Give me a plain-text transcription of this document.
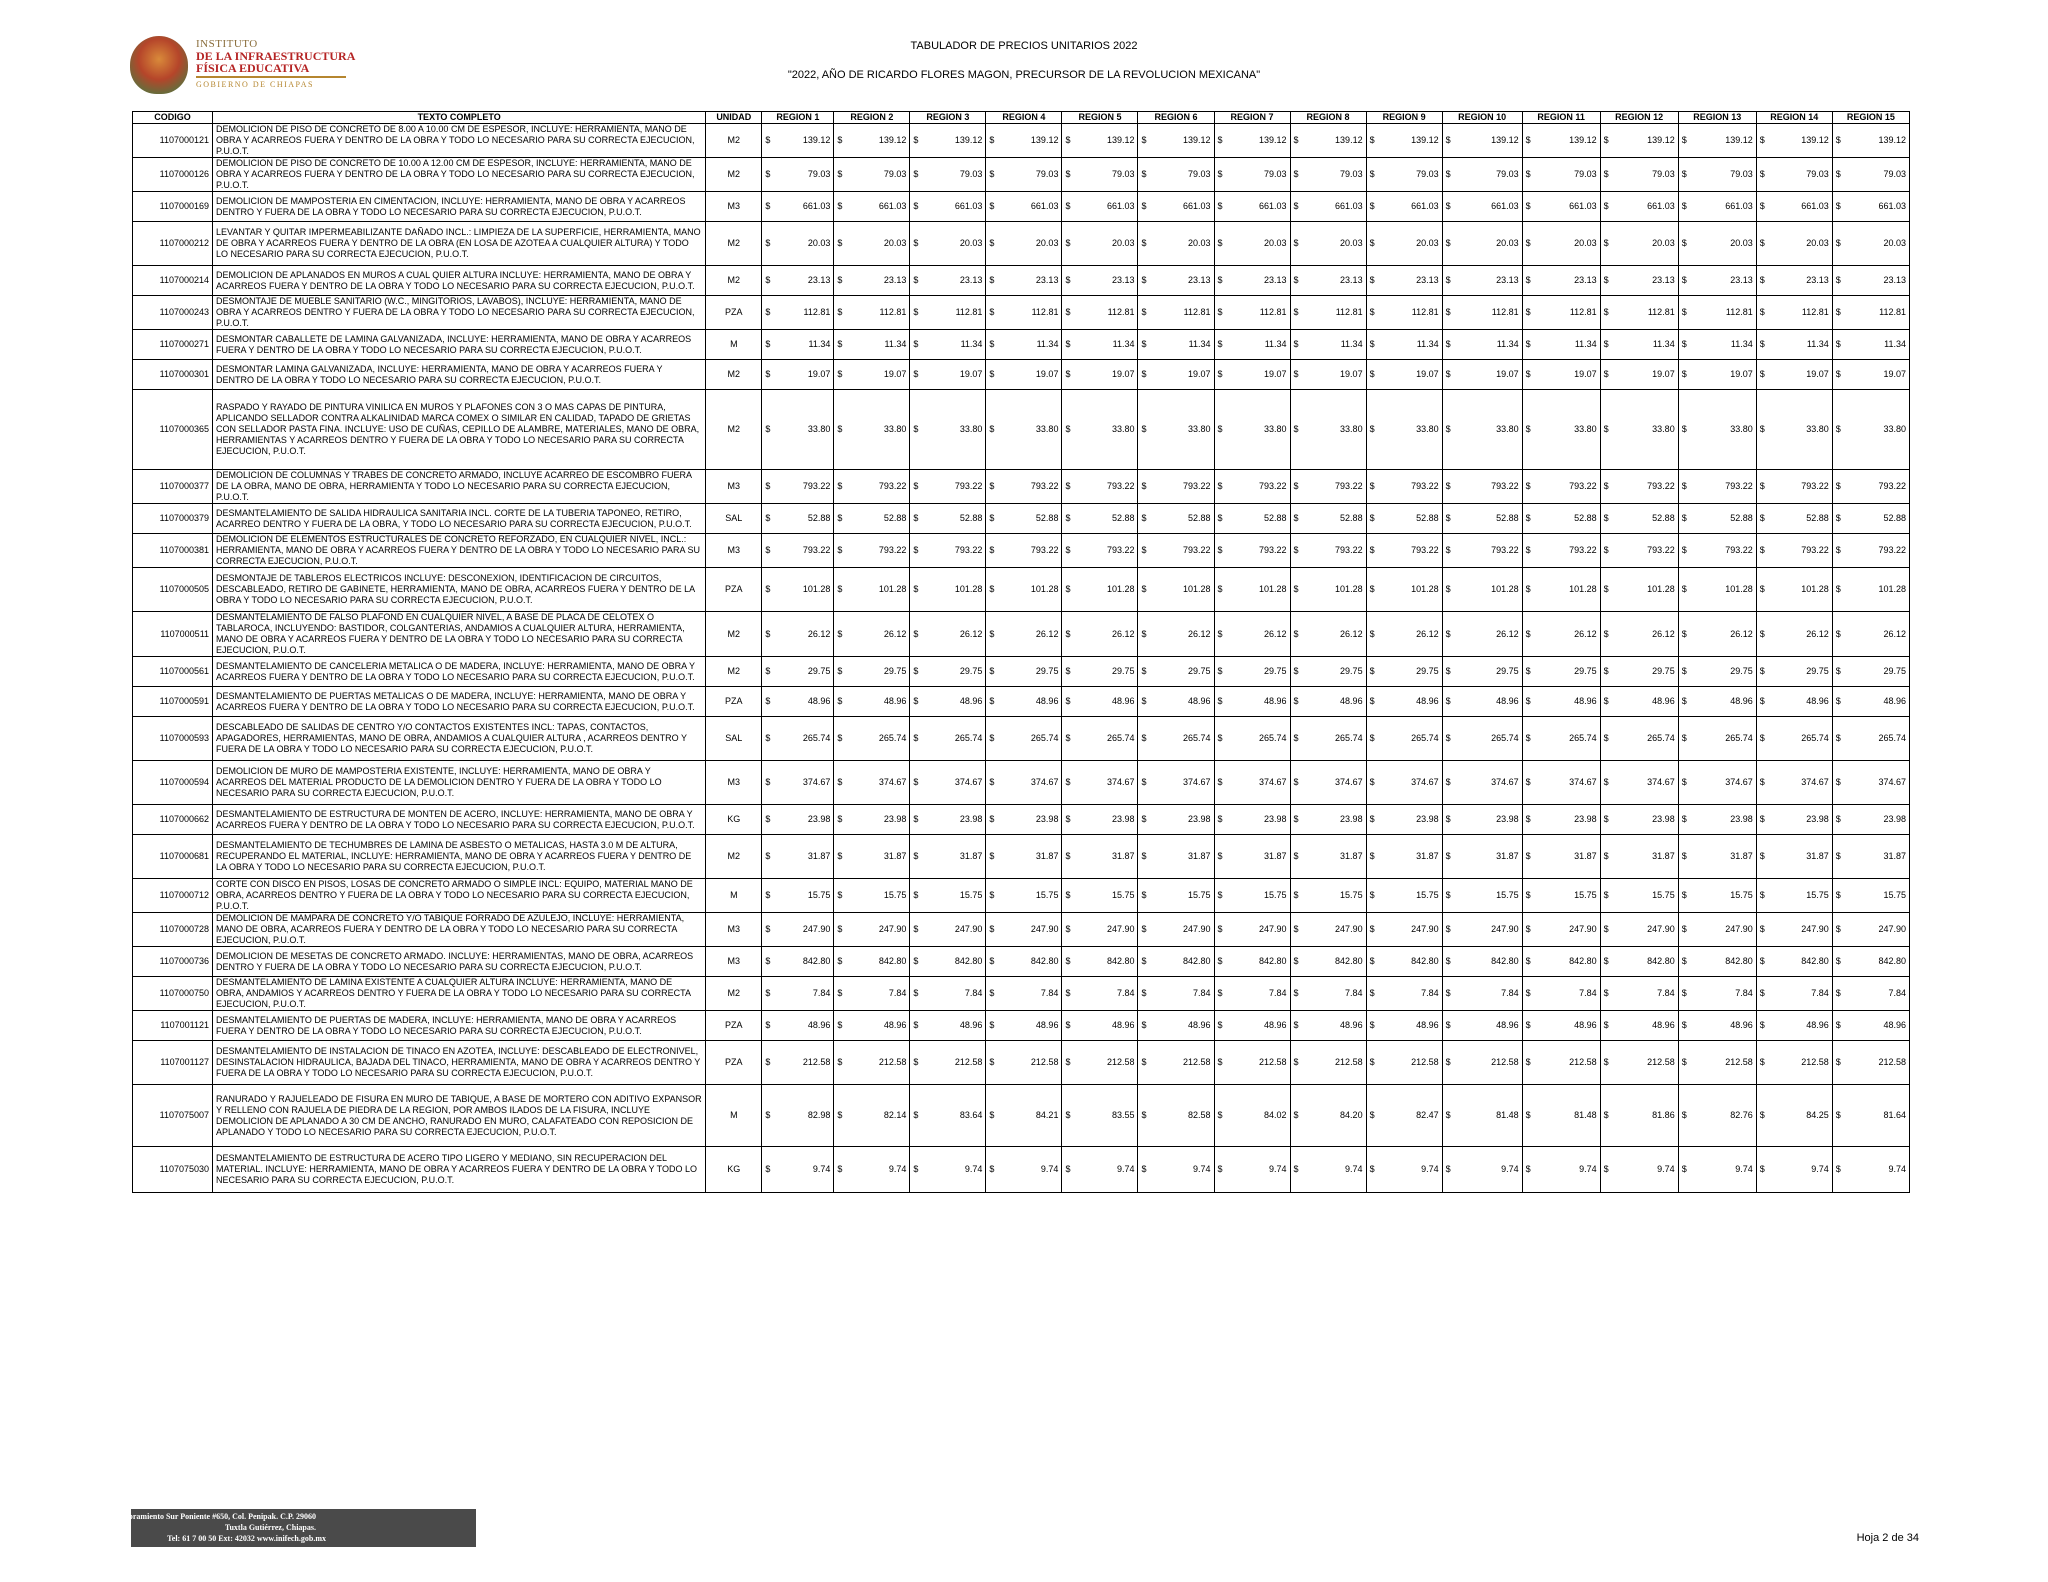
INSTITUTO
DE LA INFRAESTRUCTURA
FÍSICA EDUCATIVA
GOBIERNO DE CHIAPAS
TABULADOR DE PRECIOS UNITARIOS 2022
"2022, AÑO DE RICARDO FLORES MAGON, PRECURSOR DE LA REVOLUCION MEXICANA"
CODIGO	TEXTO COMPLETO	UNIDAD	REGION 1	REGION 2	REGION 3	REGION 4	REGION 5	REGION 6	REGION 7	REGION 8	REGION 9	REGION 10	REGION 11	REGION 12	REGION 13	REGION 14	REGION 15
1107000121	DEMOLICION DE PISO DE CONCRETO DE 8.00 A 10.00 CM DE ESPESOR, INCLUYE: HERRAMIENTA, MANO DE OBRA Y ACARREOS FUERA Y DENTRO DE LA OBRA Y TODO LO NECESARIO PARA SU CORRECTA EJECUCION, P.U.O.T.	M2	$ 139.12	$ 139.12	$ 139.12	$ 139.12	$ 139.12	$ 139.12	$ 139.12	$ 139.12	$ 139.12	$ 139.12	$ 139.12	$ 139.12	$ 139.12	$ 139.12	$ 139.12

1107000126	DEMOLICION DE PISO DE CONCRETO DE 10.00 A 12.00 CM DE ESPESOR, INCLUYE: HERRAMIENTA, MANO DE OBRA Y ACARREOS FUERA Y DENTRO DE LA OBRA Y TODO LO NECESARIO PARA SU CORRECTA EJECUCION, P.U.O.T.	M2	$ 79.03	$ 79.03	$ 79.03	$ 79.03	$ 79.03	$ 79.03	$ 79.03	$ 79.03	$ 79.03	$ 79.03	$ 79.03	$ 79.03	$ 79.03	$ 79.03	$ 79.03

1107000169	DEMOLICION DE MAMPOSTERIA EN CIMENTACION, INCLUYE: HERRAMIENTA, MANO DE OBRA Y ACARREOS DENTRO Y FUERA DE LA OBRA Y TODO LO NECESARIO PARA SU CORRECTA EJECUCION, P.U.O.T.	M3	$ 661.03	$ 661.03	$ 661.03	$ 661.03	$ 661.03	$ 661.03	$ 661.03	$ 661.03	$ 661.03	$ 661.03	$ 661.03	$ 661.03	$ 661.03	$ 661.03	$ 661.03

1107000212	LEVANTAR Y QUITAR IMPERMEABILIZANTE DAÑADO INCL.: LIMPIEZA DE LA SUPERFICIE, HERRAMIENTA, MANO DE OBRA Y ACARREOS FUERA Y DENTRO DE LA OBRA (EN LOSA DE AZOTEA A CUALQUIER ALTURA) Y TODO LO NECESARIO PARA SU CORRECTA EJECUCION, P.U.O.T.	M2	$ 20.03	$ 20.03	$ 20.03	$ 20.03	$ 20.03	$ 20.03	$ 20.03	$ 20.03	$ 20.03	$ 20.03	$ 20.03	$ 20.03	$ 20.03	$ 20.03	$ 20.03

1107000214	DEMOLICION DE APLANADOS EN MUROS A CUAL QUIER ALTURA INCLUYE: HERRAMIENTA, MANO DE OBRA Y ACARREOS FUERA Y DENTRO DE LA OBRA Y TODO LO NECESARIO PARA SU CORRECTA EJECUCION, P.U.O.T.	M2	$ 23.13	$ 23.13	$ 23.13	$ 23.13	$ 23.13	$ 23.13	$ 23.13	$ 23.13	$ 23.13	$ 23.13	$ 23.13	$ 23.13	$ 23.13	$ 23.13	$ 23.13

1107000243	DESMONTAJE DE MUEBLE SANITARIO (W.C., MINGITORIOS, LAVABOS), INCLUYE: HERRAMIENTA, MANO DE OBRA Y ACARREOS DENTRO Y FUERA DE LA OBRA Y TODO LO NECESARIO PARA SU CORRECTA EJECUCION, P.U.O.T.	PZA	$ 112.81	$ 112.81	$ 112.81	$ 112.81	$ 112.81	$ 112.81	$ 112.81	$ 112.81	$ 112.81	$ 112.81	$ 112.81	$ 112.81	$ 112.81	$ 112.81	$ 112.81

1107000271	DESMONTAR CABALLETE DE LAMINA GALVANIZADA, INCLUYE: HERRAMIENTA, MANO DE OBRA Y ACARREOS FUERA Y DENTRO DE LA OBRA Y TODO LO NECESARIO PARA SU CORRECTA EJECUCION, P.U.O.T.	M	$ 11.34	$ 11.34	$ 11.34	$ 11.34	$ 11.34	$ 11.34	$ 11.34	$ 11.34	$ 11.34	$ 11.34	$ 11.34	$ 11.34	$ 11.34	$ 11.34	$ 11.34

1107000301	DESMONTAR LAMINA GALVANIZADA, INCLUYE: HERRAMIENTA, MANO DE OBRA Y ACARREOS FUERA Y DENTRO DE LA OBRA Y TODO LO NECESARIO PARA SU CORRECTA EJECUCION, P.U.O.T.	M2	$ 19.07	$ 19.07	$ 19.07	$ 19.07	$ 19.07	$ 19.07	$ 19.07	$ 19.07	$ 19.07	$ 19.07	$ 19.07	$ 19.07	$ 19.07	$ 19.07	$ 19.07

1107000365	RASPADO Y RAYADO DE PINTURA VINILICA EN MUROS Y PLAFONES CON 3 O MAS CAPAS DE PINTURA, APLICANDO SELLADOR CONTRA ALKALINIDAD MARCA COMEX O SIMILAR EN CALIDAD, TAPADO DE GRIETAS CON SELLADOR PASTA FINA. INCLUYE: USO DE CUÑAS, CEPILLO DE ALAMBRE, MATERIALES, MANO DE OBRA, HERRAMIENTAS Y ACARREOS DENTRO Y FUERA DE LA OBRA Y TODO LO NECESARIO PARA SU CORRECTA EJECUCION, P.U.O.T.	M2	$ 33.80	$ 33.80	$ 33.80	$ 33.80	$ 33.80	$ 33.80	$ 33.80	$ 33.80	$ 33.80	$ 33.80	$ 33.80	$ 33.80	$ 33.80	$ 33.80	$ 33.80

1107000377	DEMOLICION DE COLUMNAS Y TRABES DE CONCRETO ARMADO, INCLUYE ACARREO DE ESCOMBRO FUERA DE LA OBRA, MANO DE OBRA, HERRAMIENTA Y TODO LO NECESARIO PARA SU CORRECTA EJECUCION, P.U.O.T.	M3	$ 793.22	$ 793.22	$ 793.22	$ 793.22	$ 793.22	$ 793.22	$ 793.22	$ 793.22	$ 793.22	$ 793.22	$ 793.22	$ 793.22	$ 793.22	$ 793.22	$ 793.22

1107000379	DESMANTELAMIENTO DE SALIDA HIDRAULICA SANITARIA INCL. CORTE DE LA TUBERIA TAPONEO, RETIRO, ACARREO DENTRO Y FUERA DE LA OBRA, Y TODO LO NECESARIO PARA SU CORRECTA EJECUCION, P.U.O.T.	SAL	$ 52.88	$ 52.88	$ 52.88	$ 52.88	$ 52.88	$ 52.88	$ 52.88	$ 52.88	$ 52.88	$ 52.88	$ 52.88	$ 52.88	$ 52.88	$ 52.88	$ 52.88

1107000381	DEMOLICION DE ELEMENTOS ESTRUCTURALES DE CONCRETO REFORZADO, EN CUALQUIER NIVEL, INCL.: HERRAMIENTA, MANO DE OBRA Y ACARREOS FUERA Y DENTRO DE LA OBRA Y TODO LO NECESARIO PARA SU CORRECTA EJECUCION, P.U.O.T.	M3	$ 793.22	$ 793.22	$ 793.22	$ 793.22	$ 793.22	$ 793.22	$ 793.22	$ 793.22	$ 793.22	$ 793.22	$ 793.22	$ 793.22	$ 793.22	$ 793.22	$ 793.22

1107000505	DESMONTAJE DE TABLEROS ELECTRICOS INCLUYE: DESCONEXION, IDENTIFICACION DE CIRCUITOS, DESCABLEADO, RETIRO DE GABINETE, HERRAMIENTA, MANO DE OBRA, ACARREOS FUERA Y DENTRO DE LA OBRA Y TODO LO NECESARIO PARA SU CORRECTA EJECUCION, P.U.O.T.	PZA	$ 101.28	$ 101.28	$ 101.28	$ 101.28	$ 101.28	$ 101.28	$ 101.28	$ 101.28	$ 101.28	$ 101.28	$ 101.28	$ 101.28	$ 101.28	$ 101.28	$ 101.28

1107000511	DESMANTELAMIENTO DE FALSO PLAFOND EN CUALQUIER NIVEL, A BASE DE PLACA DE CELOTEX O TABLAROCA, INCLUYENDO: BASTIDOR, COLGANTERIAS, ANDAMIOS A CUALQUIER ALTURA, HERRAMIENTA, MANO DE OBRA Y ACARREOS FUERA Y DENTRO DE LA OBRA Y TODO LO NECESARIO PARA SU CORRECTA EJECUCION, P.U.O.T.	M2	$ 26.12	$ 26.12	$ 26.12	$ 26.12	$ 26.12	$ 26.12	$ 26.12	$ 26.12	$ 26.12	$ 26.12	$ 26.12	$ 26.12	$ 26.12	$ 26.12	$ 26.12

1107000561	DESMANTELAMIENTO DE CANCELERIA METALICA O DE MADERA, INCLUYE: HERRAMIENTA, MANO DE OBRA Y ACARREOS FUERA Y DENTRO DE LA OBRA Y TODO LO NECESARIO PARA SU CORRECTA EJECUCION, P.U.O.T.	M2	$ 29.75	$ 29.75	$ 29.75	$ 29.75	$ 29.75	$ 29.75	$ 29.75	$ 29.75	$ 29.75	$ 29.75	$ 29.75	$ 29.75	$ 29.75	$ 29.75	$ 29.75

1107000591	DESMANTELAMIENTO DE PUERTAS METALICAS O DE MADERA, INCLUYE: HERRAMIENTA, MANO DE OBRA Y ACARREOS FUERA Y DENTRO DE LA OBRA Y TODO LO NECESARIO PARA SU CORRECTA EJECUCION, P.U.O.T.	PZA	$ 48.96	$ 48.96	$ 48.96	$ 48.96	$ 48.96	$ 48.96	$ 48.96	$ 48.96	$ 48.96	$ 48.96	$ 48.96	$ 48.96	$ 48.96	$ 48.96	$ 48.96

1107000593	DESCABLEADO DE SALIDAS DE CENTRO Y/O CONTACTOS EXISTENTES INCL: TAPAS, CONTACTOS, APAGADORES, HERRAMIENTAS, MANO DE OBRA, ANDAMIOS A CUALQUIER ALTURA , ACARREOS DENTRO Y FUERA DE LA OBRA Y TODO LO NECESARIO PARA SU CORRECTA EJECUCION, P.U.O.T.	SAL	$ 265.74	$ 265.74	$ 265.74	$ 265.74	$ 265.74	$ 265.74	$ 265.74	$ 265.74	$ 265.74	$ 265.74	$ 265.74	$ 265.74	$ 265.74	$ 265.74	$ 265.74

1107000594	DEMOLICION DE MURO DE MAMPOSTERIA EXISTENTE, INCLUYE: HERRAMIENTA, MANO DE OBRA Y ACARREOS DEL MATERIAL PRODUCTO DE LA DEMOLICION DENTRO Y FUERA DE LA OBRA Y TODO LO NECESARIO PARA SU CORRECTA EJECUCION, P.U.O.T.	M3	$ 374.67	$ 374.67	$ 374.67	$ 374.67	$ 374.67	$ 374.67	$ 374.67	$ 374.67	$ 374.67	$ 374.67	$ 374.67	$ 374.67	$ 374.67	$ 374.67	$ 374.67

1107000662	DESMANTELAMIENTO DE ESTRUCTURA DE MONTEN DE ACERO, INCLUYE: HERRAMIENTA, MANO DE OBRA Y ACARREOS FUERA Y DENTRO DE LA OBRA Y TODO LO NECESARIO PARA SU CORRECTA EJECUCION, P.U.O.T.	KG	$ 23.98	$ 23.98	$ 23.98	$ 23.98	$ 23.98	$ 23.98	$ 23.98	$ 23.98	$ 23.98	$ 23.98	$ 23.98	$ 23.98	$ 23.98	$ 23.98	$ 23.98

1107000681	DESMANTELAMIENTO DE TECHUMBRES DE LAMINA DE ASBESTO O METALICAS, HASTA 3.0 M DE ALTURA, RECUPERANDO EL MATERIAL, INCLUYE: HERRAMIENTA, MANO DE OBRA Y ACARREOS FUERA Y DENTRO DE LA OBRA Y TODO LO NECESARIO PARA SU CORRECTA EJECUCION, P.U.O.T.	M2	$ 31.87	$ 31.87	$ 31.87	$ 31.87	$ 31.87	$ 31.87	$ 31.87	$ 31.87	$ 31.87	$ 31.87	$ 31.87	$ 31.87	$ 31.87	$ 31.87	$ 31.87

1107000712	CORTE CON DISCO EN PISOS, LOSAS DE CONCRETO ARMADO O SIMPLE INCL: EQUIPO, MATERIAL MANO DE OBRA, ACARREOS DENTRO Y FUERA DE LA OBRA Y TODO LO NECESARIO PARA SU CORRECTA EJECUCION, P.U.O.T.	M	$ 15.75	$ 15.75	$ 15.75	$ 15.75	$ 15.75	$ 15.75	$ 15.75	$ 15.75	$ 15.75	$ 15.75	$ 15.75	$ 15.75	$ 15.75	$ 15.75	$ 15.75

1107000728	DEMOLICION DE MAMPARA DE CONCRETO Y/O TABIQUE FORRADO DE AZULEJO, INCLUYE: HERRAMIENTA, MANO DE OBRA, ACARREOS FUERA Y DENTRO DE LA OBRA Y TODO LO NECESARIO PARA SU CORRECTA EJECUCION, P.U.O.T.	M3	$ 247.90	$ 247.90	$ 247.90	$ 247.90	$ 247.90	$ 247.90	$ 247.90	$ 247.90	$ 247.90	$ 247.90	$ 247.90	$ 247.90	$ 247.90	$ 247.90	$ 247.90

1107000736	DEMOLICION DE MESETAS DE CONCRETO ARMADO. INCLUYE: HERRAMIENTAS, MANO DE OBRA, ACARREOS DENTRO Y FUERA DE LA OBRA Y TODO LO NECESARIO PARA SU CORRECTA EJECUCION, P.U.O.T.	M3	$ 842.80	$ 842.80	$ 842.80	$ 842.80	$ 842.80	$ 842.80	$ 842.80	$ 842.80	$ 842.80	$ 842.80	$ 842.80	$ 842.80	$ 842.80	$ 842.80	$ 842.80

1107000750	DESMANTELAMIENTO DE LAMINA EXISTENTE A CUALQUIER ALTURA INCLUYE: HERRAMIENTA, MANO DE OBRA, ANDAMIOS Y ACARREOS DENTRO Y FUERA DE LA OBRA Y TODO LO NECESARIO PARA SU CORRECTA EJECUCION, P.U.O.T.	M2	$ 7.84	$ 7.84	$ 7.84	$ 7.84	$ 7.84	$ 7.84	$ 7.84	$ 7.84	$ 7.84	$ 7.84	$ 7.84	$ 7.84	$ 7.84	$ 7.84	$ 7.84

1107001121	DESMANTELAMIENTO DE PUERTAS DE MADERA, INCLUYE: HERRAMIENTA, MANO DE OBRA Y ACARREOS FUERA Y DENTRO DE LA OBRA Y TODO LO NECESARIO PARA SU CORRECTA EJECUCION, P.U.O.T.	PZA	$ 48.96	$ 48.96	$ 48.96	$ 48.96	$ 48.96	$ 48.96	$ 48.96	$ 48.96	$ 48.96	$ 48.96	$ 48.96	$ 48.96	$ 48.96	$ 48.96	$ 48.96

1107001127	DESMANTELAMIENTO DE INSTALACION DE TINACO EN AZOTEA, INCLUYE: DESCABLEADO DE ELECTRONIVEL, DESINSTALACION HIDRAULICA, BAJADA DEL TINACO, HERRAMIENTA, MANO DE OBRA Y ACARREOS DENTRO Y FUERA DE LA OBRA Y TODO LO NECESARIO PARA SU CORRECTA EJECUCION, P.U.O.T.	PZA	$ 212.58	$ 212.58	$ 212.58	$ 212.58	$ 212.58	$ 212.58	$ 212.58	$ 212.58	$ 212.58	$ 212.58	$ 212.58	$ 212.58	$ 212.58	$ 212.58	$ 212.58

1107075007	RANURADO Y RAJUELEADO DE FISURA EN MURO DE TABIQUE, A BASE DE MORTERO CON ADITIVO EXPANSOR Y RELLENO CON RAJUELA DE PIEDRA DE LA REGION, POR AMBOS ILADOS DE LA FISURA, INCLUYE DEMOLICION DE APLANADO A 30 CM DE ANCHO, RANURADO EN MURO, CALAFATEADO CON REPOSICION DE APLANADO Y TODO LO NECESARIO PARA SU CORRECTA EJECUCION, P.U.O.T.	M	$ 82.98	$ 82.14	$ 83.64	$ 84.21	$ 83.55	$ 82.58	$ 84.02	$ 84.20	$ 82.47	$ 81.48	$ 81.48	$ 81.86	$ 82.76	$ 84.25	$ 81.64

1107075030	DESMANTELAMIENTO DE ESTRUCTURA DE ACERO TIPO LIGERO Y MEDIANO, SIN RECUPERACION DEL MATERIAL. INCLUYE: HERRAMIENTA, MANO DE OBRA Y ACARREOS FUERA Y DENTRO DE LA OBRA Y TODO LO NECESARIO PARA SU CORRECTA EJECUCION, P.U.O.T.	KG	$ 9.74	$ 9.74	$ 9.74	$ 9.74	$ 9.74	$ 9.74	$ 9.74	$ 9.74	$ 9.74	$ 9.74	$ 9.74	$ 9.74	$ 9.74	$ 9.74	$ 9.74
Libramiento Sur Poniente #650, Col. Penipak. C.P. 29060
Tuxtla Gutiérrez, Chiapas.
Tel: 61 7 00 50 Ext: 42032 www.inifech.gob.mx	Hoja 2 de 34
